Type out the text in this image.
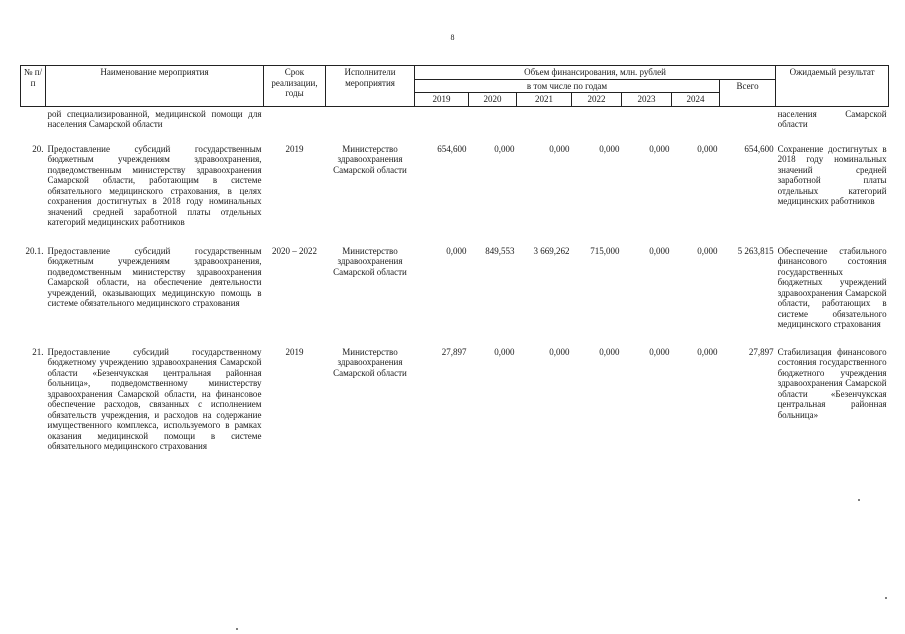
8
№ п/п	Наименование мероприятия	Срок реализации, годы	Исполнители мероприятия	Объем финансирования, млн. рублей							Ожидаемый результат
				в том числе по годам						Всего	
				2019	2020	2021	2022	2023	2024		
	рой специализированной, медицинской помощи для населения Самарской области										населения Самарской области
20.	Предоставление субсидий государственным бюджетным учреждениям здравоохранения, подведомственным министерству здравоохранения Самарской области, работающим в системе обязательного медицинского страхования, в целях сохранения достигнутых в 2018 году номинальных значений средней заработной платы отдельных категорий медицинских работников	2019	Министерство здравоохранения Самарской области	654,600	0,000	0,000	0,000	0,000	0,000	654,600	Сохранение достигнутых в 2018 году номинальных значений средней заработной платы отдельных категорий медицинских работников
20.1.	Предоставление субсидий государственным бюджетным учреждениям здравоохранения, подведомственным министерству здравоохранения Самарской области, на обеспечение деятельности учреждений, оказывающих медицинскую помощь в системе обязательного медицинского страхования	2020 – 2022	Министерство здравоохранения Самарской области	0,000	849,553	3 669,262	715,000	0,000	0,000	5 263,815	Обеспечение стабильного финансового состояния государственных бюджетных учреждений здравоохранения Самарской области, работающих в системе обязательного медицинского страхования
21.	Предоставление субсидий государственному бюджетному учреждению здравоохранения Самарской области «Безенчукская центральная районная больница», подведомственному министерству здравоохранения Самарской области, на финансовое обеспечение расходов, связанных с исполнением обязательств учреждения, и расходов на содержание имущественного комплекса, используемого в рамках оказания медицинской помощи в системе обязательного медицинского страхования	2019	Министерство здравоохранения Самарской области	27,897	0,000	0,000	0,000	0,000	0,000	27,897	Стабилизация финансового состояния государственного бюджетного учреждения здравоохранения Самарской области «Безенчукская центральная районная больница»
